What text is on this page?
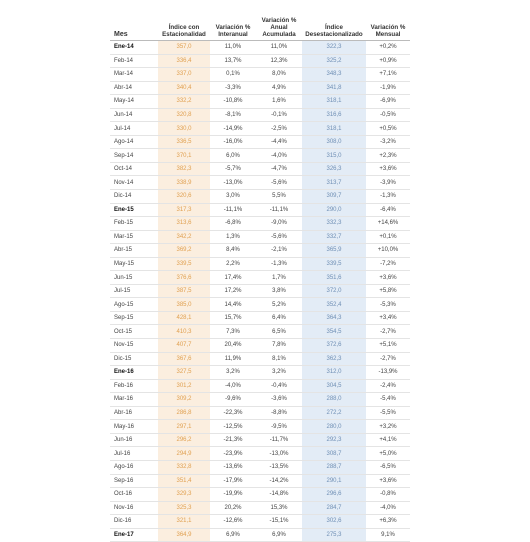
Mes	Índice con Estacionalidad	Variación % Interanual	Variación % Anual Acumulada	Índice Desestacionalizado	Variación % Mensual
Ene-14	357,0	11,0%	11,0%	322,3	+0,2%
Feb-14	336,4	13,7%	12,3%	325,2	+0,9%
Mar-14	337,0	0,1%	8,0%	348,3	+7,1%
Abr-14	340,4	-3,3%	4,9%	341,8	-1,9%
May-14	332,2	-10,8%	1,6%	318,1	-6,9%
Jun-14	320,8	-8,1%	-0,1%	316,6	-0,5%
Jul-14	330,0	-14,9%	-2,5%	318,1	+0,5%
Ago-14	336,5	-16,0%	-4,4%	308,0	-3,2%
Sep-14	370,1	6,0%	-4,0%	315,0	+2,3%
Oct-14	382,3	-5,7%	-4,7%	326,3	+3,6%
Nov-14	338,9	-13,0%	-5,6%	313,7	-3,9%
Dic-14	320,6	3,0%	5,5%	309,7	-1,3%
Ene-15	317,3	-11,1%	-11,1%	290,0	-6,4%
Feb-15	313,6	-6,8%	-9,0%	332,3	+14,6%
Mar-15	342,2	1,3%	-5,6%	332,7	+0,1%
Abr-15	369,2	8,4%	-2,1%	365,9	+10,0%
May-15	339,5	2,2%	-1,3%	339,5	-7,2%
Jun-15	376,6	17,4%	1,7%	351,6	+3,6%
Jul-15	387,5	17,2%	3,8%	372,0	+5,8%
Ago-15	385,0	14,4%	5,2%	352,4	-5,3%
Sep-15	428,1	15,7%	6,4%	364,3	+3,4%
Oct-15	410,3	7,3%	6,5%	354,5	-2,7%
Nov-15	407,7	20,4%	7,8%	372,6	+5,1%
Dic-15	367,6	11,9%	8,1%	362,3	-2,7%
Ene-16	327,5	3,2%	3,2%	312,0	-13,9%
Feb-16	301,2	-4,0%	-0,4%	304,5	-2,4%
Mar-16	309,2	-9,6%	-3,6%	288,0	-5,4%
Abr-16	286,8	-22,3%	-8,8%	272,2	-5,5%
May-16	297,1	-12,5%	-9,5%	280,0	+3,2%
Jun-16	296,2	-21,3%	-11,7%	292,3	+4,1%
Jul-16	294,9	-23,9%	-13,0%	308,7	+5,0%
Ago-16	332,8	-13,6%	-13,5%	288,7	-6,5%
Sep-16	351,4	-17,9%	-14,2%	290,1	+3,6%
Oct-16	329,3	-19,9%	-14,8%	296,6	-0,8%
Nov-16	325,3	20,2%	15,3%	284,7	-4,0%
Dic-16	321,1	-12,6%	-15,1%	302,6	+6,3%
Ene-17	364,9	6,9%	6,9%	275,3	9,1%
